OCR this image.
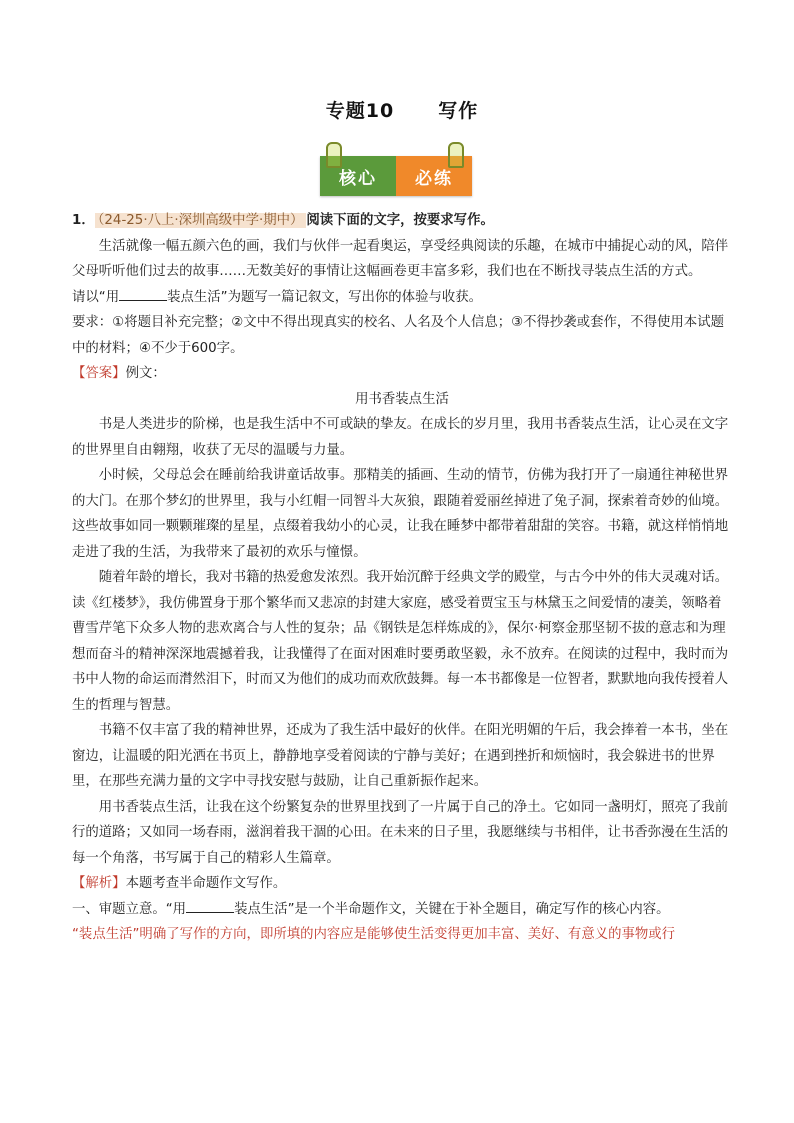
专题10 写作
核心	必练

1． （24-25·八上·深圳高级中学·期中） 阅读下面的文字，按要求写作。

生活就像一幅五颜六色的画，我们与伙伴一起看奥运，享受经典阅读的乐趣，在城市中捕捉心动的风，陪伴父母听听他们过去的故事……无数美好的事情让这幅画卷更丰富多彩，我们也在不断找寻装点生活的方式。

请以“用	装点生活”为题写一篇记叙文，写出你的体验与收获。

要求：①将题目补充完整；②文中不得出现真实的校名、人名及个人信息；③不得抄袭或套作，不得使用本试题中的材料；④不少于600字。

【答案】例文：

用书香装点生活

书是人类进步的阶梯，也是我生活中不可或缺的挚友。在成长的岁月里，我用书香装点生活，让心灵在文字的世界里自由翱翔，收获了无尽的温暖与力量。

小时候，父母总会在睡前给我讲童话故事。那精美的插画、生动的情节，仿佛为我打开了一扇通往神秘世界的大门。在那个梦幻的世界里，我与小红帽一同智斗大灰狼，跟随着爱丽丝掉进了兔子洞，探索着奇妙的仙境。这些故事如同一颗颗璀璨的星星，点缀着我幼小的心灵，让我在睡梦中都带着甜甜的笑容。书籍，就这样悄悄地走进了我的生活，为我带来了最初的欢乐与憧憬。

随着年龄的增长，我对书籍的热爱愈发浓烈。我开始沉醉于经典文学的殿堂，与古今中外的伟大灵魂对话。读《红楼梦》，我仿佛置身于那个繁华而又悲凉的封建大家庭，感受着贾宝玉与林黛玉之间爱情的凄美，领略着曹雪芹笔下众多人物的悲欢离合与人性的复杂；品《钢铁是怎样炼成的》，保尔·柯察金那坚韧不拔的意志和为理想而奋斗的精神深深地震撼着我，让我懂得了在面对困难时要勇敢坚毅，永不放弃。在阅读的过程中，我时而为书中人物的命运而潸然泪下，时而又为他们的成功而欢欣鼓舞。每一本书都像是一位智者，默默地向我传授着人生的哲理与智慧。

书籍不仅丰富了我的精神世界，还成为了我生活中最好的伙伴。在阳光明媚的午后，我会捧着一本书，坐在窗边，让温暖的阳光洒在书页上，静静地享受着阅读的宁静与美好；在遇到挫折和烦恼时，我会躲进书的世界里，在那些充满力量的文字中寻找安慰与鼓励，让自己重新振作起来。

用书香装点生活，让我在这个纷繁复杂的世界里找到了一片属于自己的净土。它如同一盏明灯，照亮了我前行的道路；又如同一场春雨，滋润着我干涸的心田。在未来的日子里，我愿继续与书相伴，让书香弥漫在生活的每一个角落，书写属于自己的精彩人生篇章。

【解析】本题考查半命题作文写作。

一、审题立意。“用	装点生活”是一个半命题作文，关键在于补全题目，确定写作的核心内容。

“装点生活”明确了写作的方向，即所填的内容应是能够使生活变得更加丰富、美好、有意义的事物或行
